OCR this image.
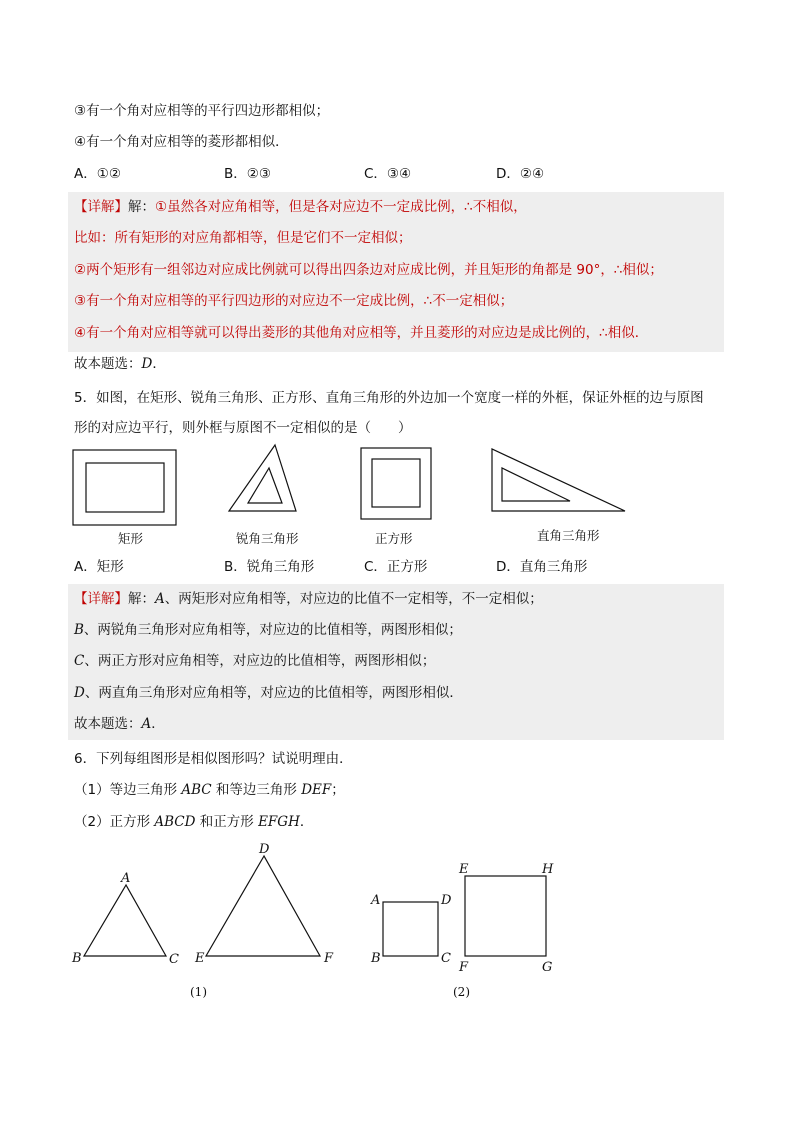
③有一个角对应相等的平行四边形都相似；
④有一个角对应相等的菱形都相似．
A．①②	B．②③	C．③④	D．②④
【详解】解：①虽然各对应角相等，但是各对应边不一定成比例，∴不相似，
比如：所有矩形的对应角都相等，但是它们不一定相似；
②两个矩形有一组邻边对应成比例就可以得出四条边对应成比例，并且矩形的角都是 90°，∴相似；
③有一个角对应相等的平行四边形的对应边不一定成比例，∴不一定相似；
④有一个角对应相等就可以得出菱形的其他角对应相等，并且菱形的对应边是成比例的，∴相似．
故本题选：D．
5．如图，在矩形、锐角三角形、正方形、直角三角形的外边加一个宽度一样的外框，保证外框的边与原图
形的对应边平行，则外框与原图不一定相似的是（　　）
矩形	锐角三角形	正方形	直角三角形
A．矩形	B．锐角三角形	C．正方形	D．直角三角形
【详解】解：A、两矩形对应角相等，对应边的比值不一定相等，不一定相似；
B、两锐角三角形对应角相等，对应边的比值相等，两图形相似；
C、两正方形对应角相等，对应边的比值相等，两图形相似；
D、两直角三角形对应角相等，对应边的比值相等，两图形相似．
故本题选：A．
6．下列每组图形是相似图形吗？试说明理由．
（1）等边三角形 ABC 和等边三角形 DEF；
（2）正方形 ABCD 和正方形 EFGH．
A
B	C
D
E	F
(1)
A
B	C
D
E
F	G
H
(2)
